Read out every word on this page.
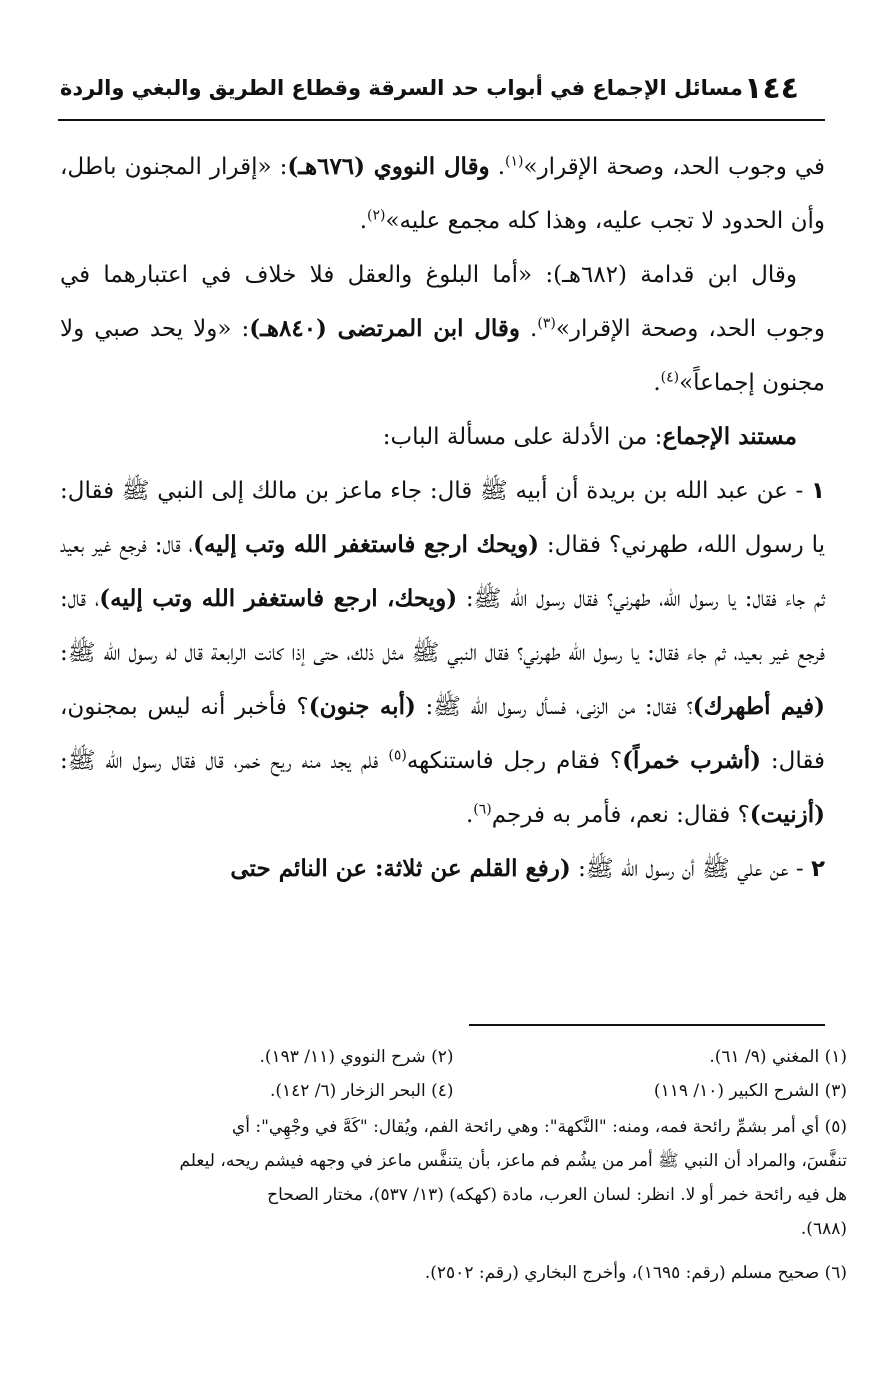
١٤٤
مسائل الإجماع في أبواب حد السرقة وقطاع الطريق والبغي والردة

في وجوب الحد، وصحة الإقرار»$^{(١)}$. وقال النووي (٦٧٦هـ): «إقرار المجنون باطل، وأن الحدود لا تجب عليه، وهذا كله مجمع عليه»$^{(٢)}$.

وقال ابن قدامة (٦٨٢هـ): «أما البلوغ والعقل فلا خلاف في اعتبارهما في وجوب الحد، وصحة الإقرار»$^{(٣)}$. وقال ابن المرتضى (٨٤٠هـ): «ولا يحد صبي ولا مجنون إجماعاً»$^{(٤)}$.

مستند الإجماع: من الأدلة على مسألة الباب:

١ - عن عبد الله بن بريدة أن أبيه ﷺ قال: جاء ماعز بن مالك إلى النبي ﷺ فقال: يا رسول الله، طهرني؟ فقال: (ويحك ارجع فاستغفر الله وتب إليه)، قال: فرجع غير بعيد ثم جاء فقال: يا رسول الله، طهرني؟ فقال رسول الله ﷺ: (ويحك، ارجع فاستغفر الله وتب إليه)، قال: فرجع غير بعيد، ثم جاء فقال: يا رسول الله طهرني؟ فقال النبي ﷺ مثل ذلك، حتى إذا كانت الرابعة قال له رسول الله ﷺ: (فيم أطهرك)؟ فقال: من الزنى، فسأل رسول الله ﷺ: (أبه جنون)؟ فأخبر أنه ليس بمجنون، فقال: (أشرب خمراً)؟ فقام رجل فاستنكهه$^{(٥)}$ فلم يجد منه ريح خمر، قال فقال رسول الله ﷺ: (أزنيت)؟ فقال: نعم، فأمر به فرجم$^{(٦)}$.

٢ - عن علي ﷺ أن رسول الله ﷺ: (رفع القلم عن ثلاثة: عن النائم حتى

(١) المغني (٩/ ٦١).
(٢) شرح النووي (١١/ ١٩٣).
(٣) الشرح الكبير (١٠/ ١١٩)
(٤) البحر الزخار (٦/ ١٤٢).
(٥) أي أمر بشمِّ رائحة فمه، ومنه: "النَّكهة": وهي رائحة الفم، ويُقال: "كَهَّ في وجْهِي": أي
تنفَّسَ، والمراد أن النبي ﷺ أمر من يشُم فم ماعز، بأن يتنفَّس ماعز في وجهه فيشم ريحه، ليعلم
هل فيه رائحة خمر أو لا. انظر: لسان العرب، مادة (كهكه) (١٣/ ٥٣٧)، مختار الصحاح
(٦٨٨).
(٦) صحيح مسلم (رقم: ١٦٩٥)، وأخرج البخاري (رقم: ٢٥٠٢).
